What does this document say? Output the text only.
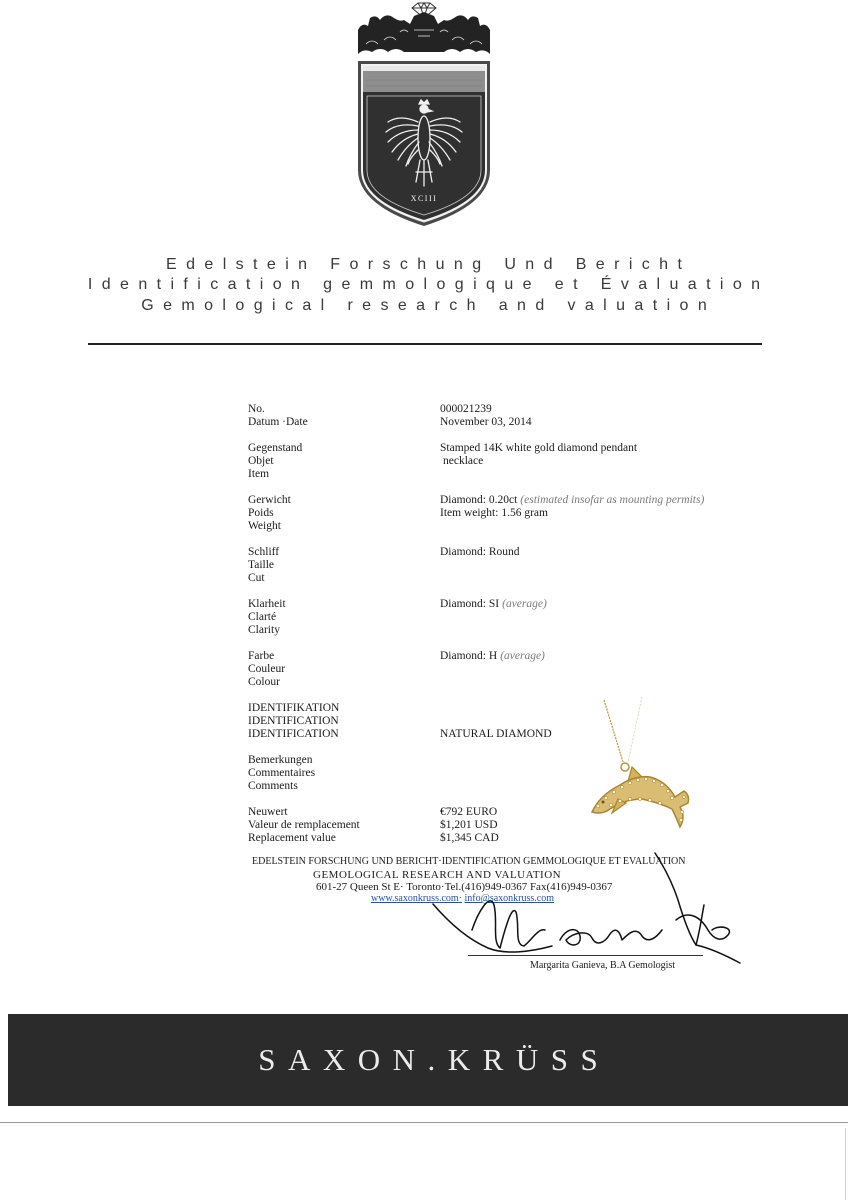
XCIII
Edelstein Forschung Und Bericht
Identification gemmologique et Évaluation
Gemological research and valuation
No.	000021239
Datum ·Date	November 03, 2014
Gegenstand	Stamped 14K white gold diamond pendant
Objet	necklace
Item
Gerwicht	Diamond: 0.20ct (estimated insofar as mounting permits)
Poids	Item weight: 1.56 gram
Weight
Schliff	Diamond: Round
Taille
Cut
Klarheit	Diamond: SI (average)
Clarté
Clarity
Farbe	Diamond: H (average)
Couleur
Colour
IDENTIFIKATION
IDENTIFICATION
IDENTIFICATION	NATURAL DIAMOND
Bemerkungen
Commentaires
Comments
Neuwert	€792 EURO
Valeur de remplacement	$1,201 USD
Replacement value	$1,345 CAD
EDELSTEIN FORSCHUNG UND BERICHT·IDENTIFICATION GEMMOLOGIQUE ET EVALUATION
GEMOLOGICAL RESEARCH AND VALUATION
601-27 Queen St E· Toronto·Tel.(416)949-0367 Fax(416)949-0367
www.saxonkruss.com· info@saxonkruss.com
Margarita Ganieva, B.A Gemologist
SAXON.KRÜSS
